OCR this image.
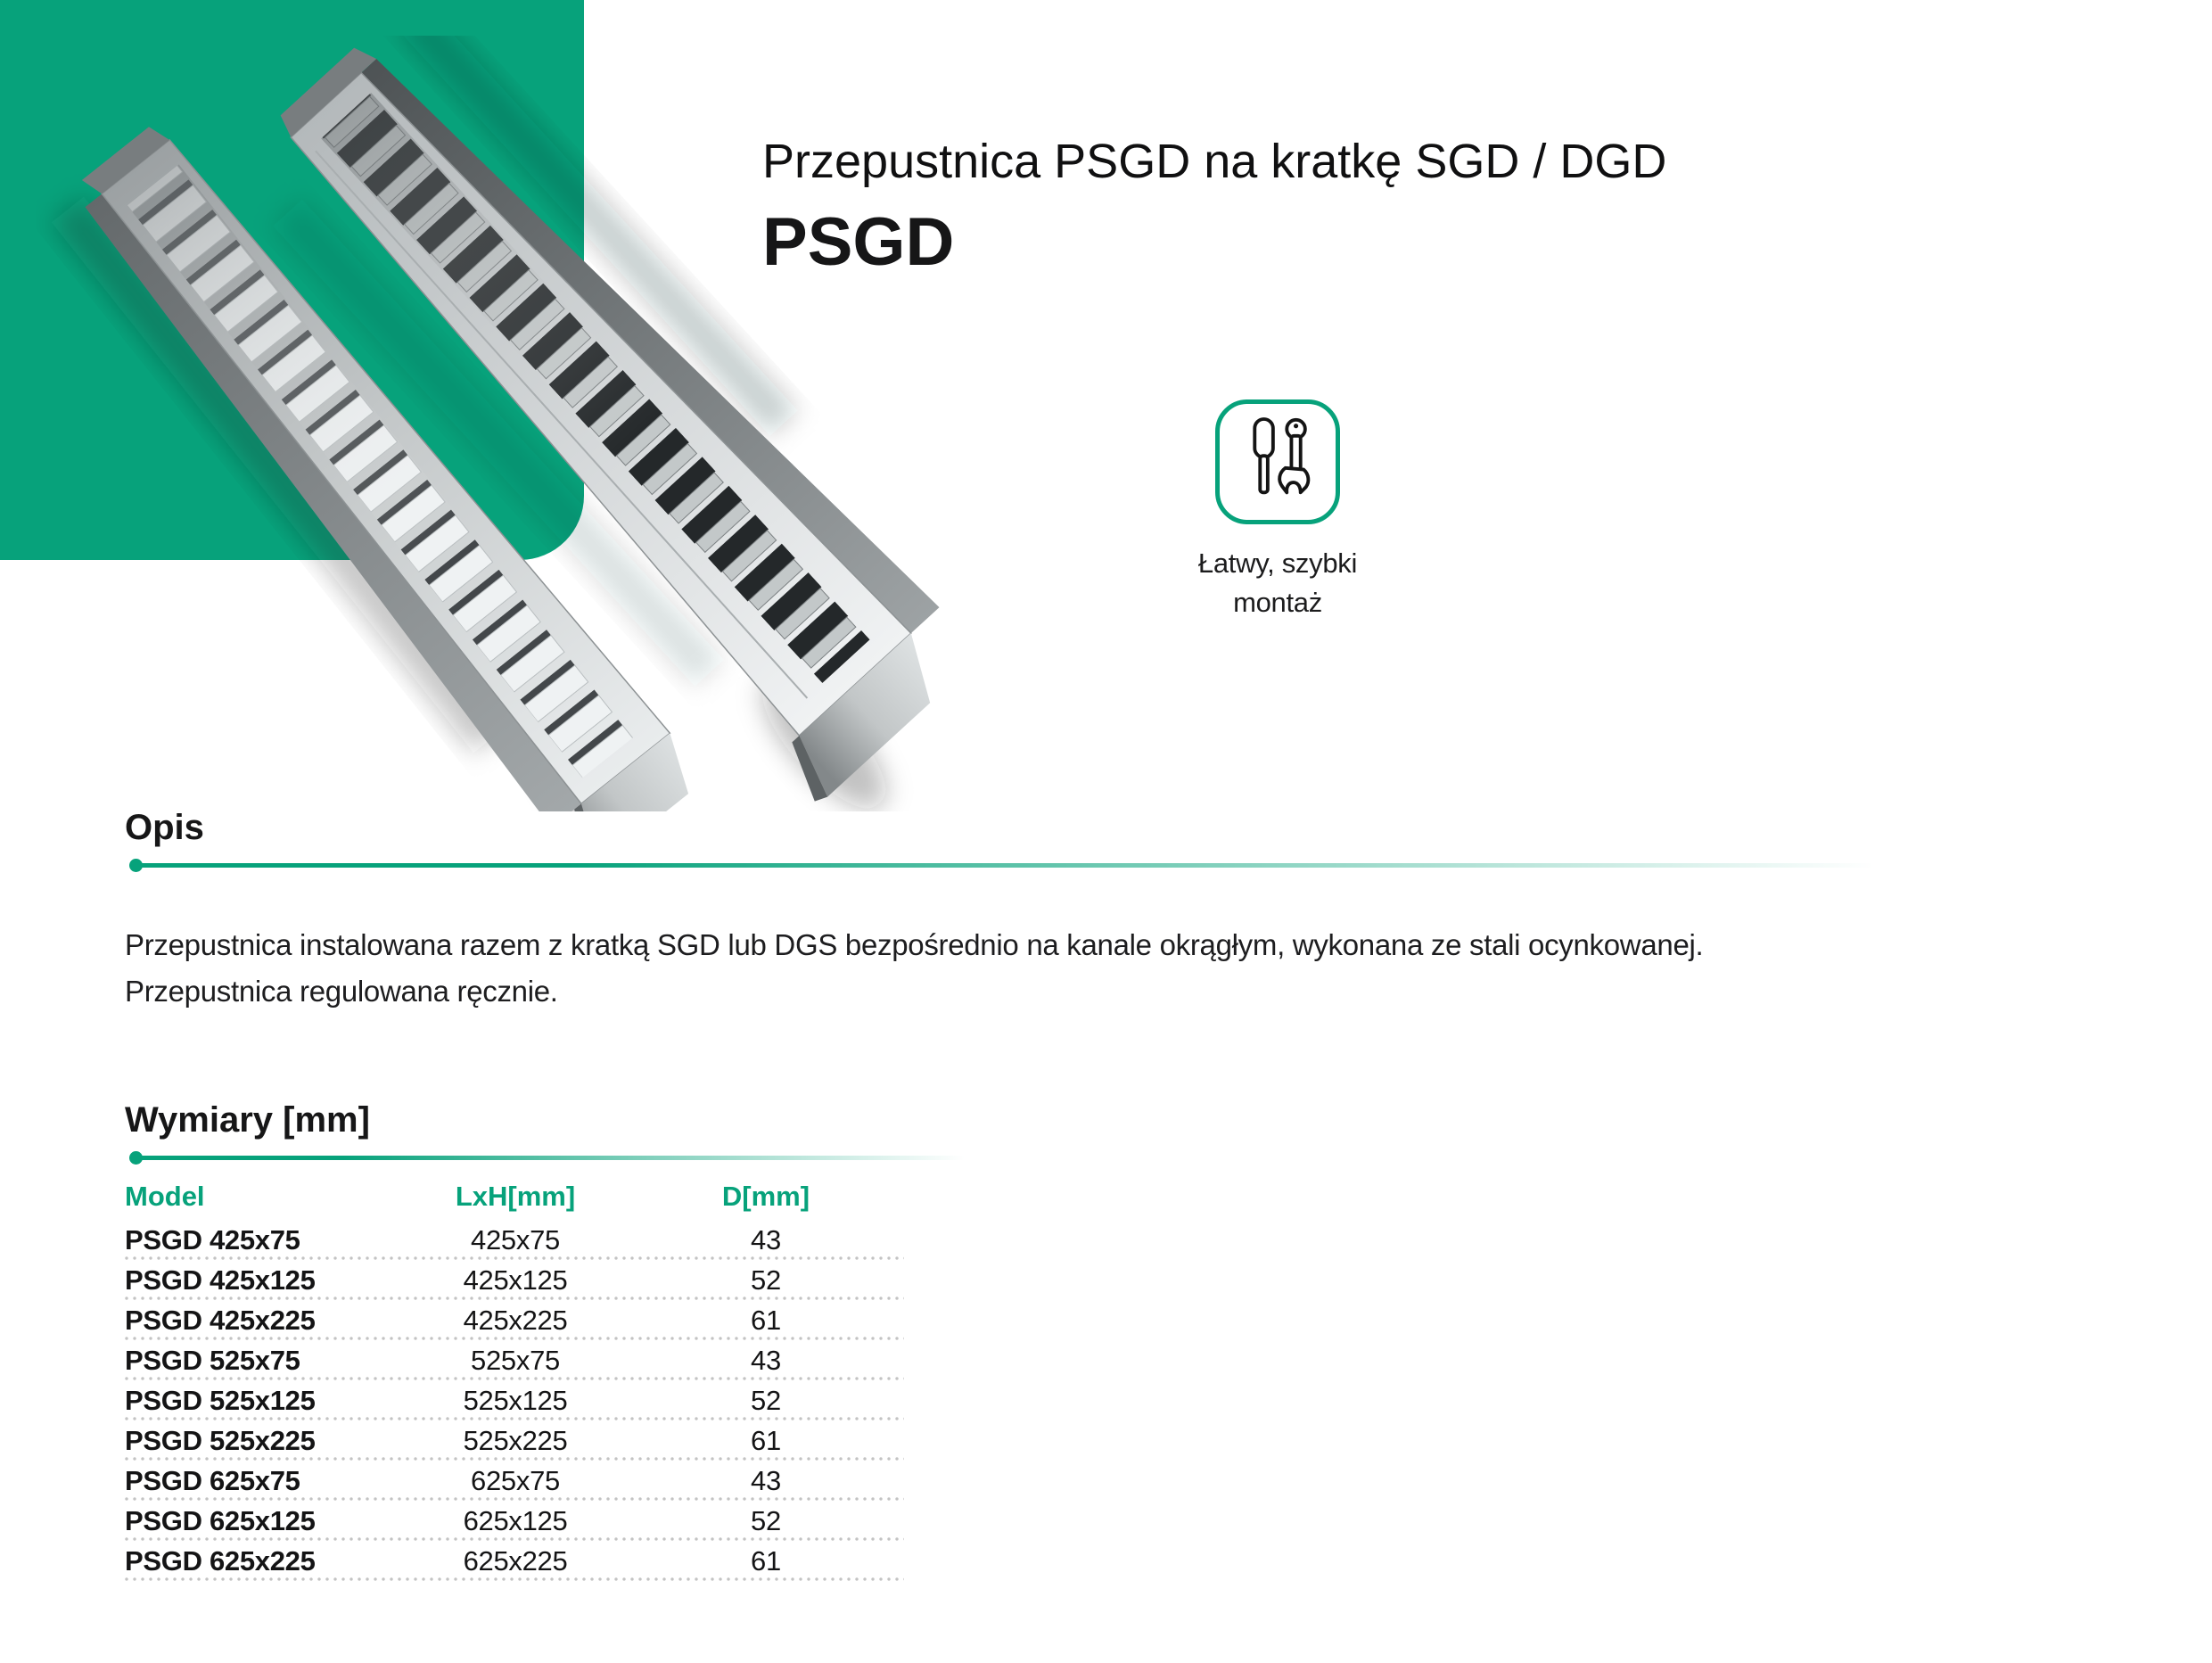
Przepustnica PSGD na kratkę SGD / DGD
PSGD
Łatwy, szybki montaż
Opis
Przepustnica instalowana razem z kratką SGD lub DGS bezpośrednio na kanale okrągłym, wykonana ze stali ocynkowanej.
Przepustnica regulowana ręcznie.
Wymiary [mm]
Model	LxH[mm]	D[mm]
PSGD 425x75	425x75	43
PSGD 425x125	425x125	52
PSGD 425x225	425x225	61
PSGD 525x75	525x75	43
PSGD 525x125	525x125	52
PSGD 525x225	525x225	61
PSGD 625x75	625x75	43
PSGD 625x125	625x125	52
PSGD 625x225	625x225	61
